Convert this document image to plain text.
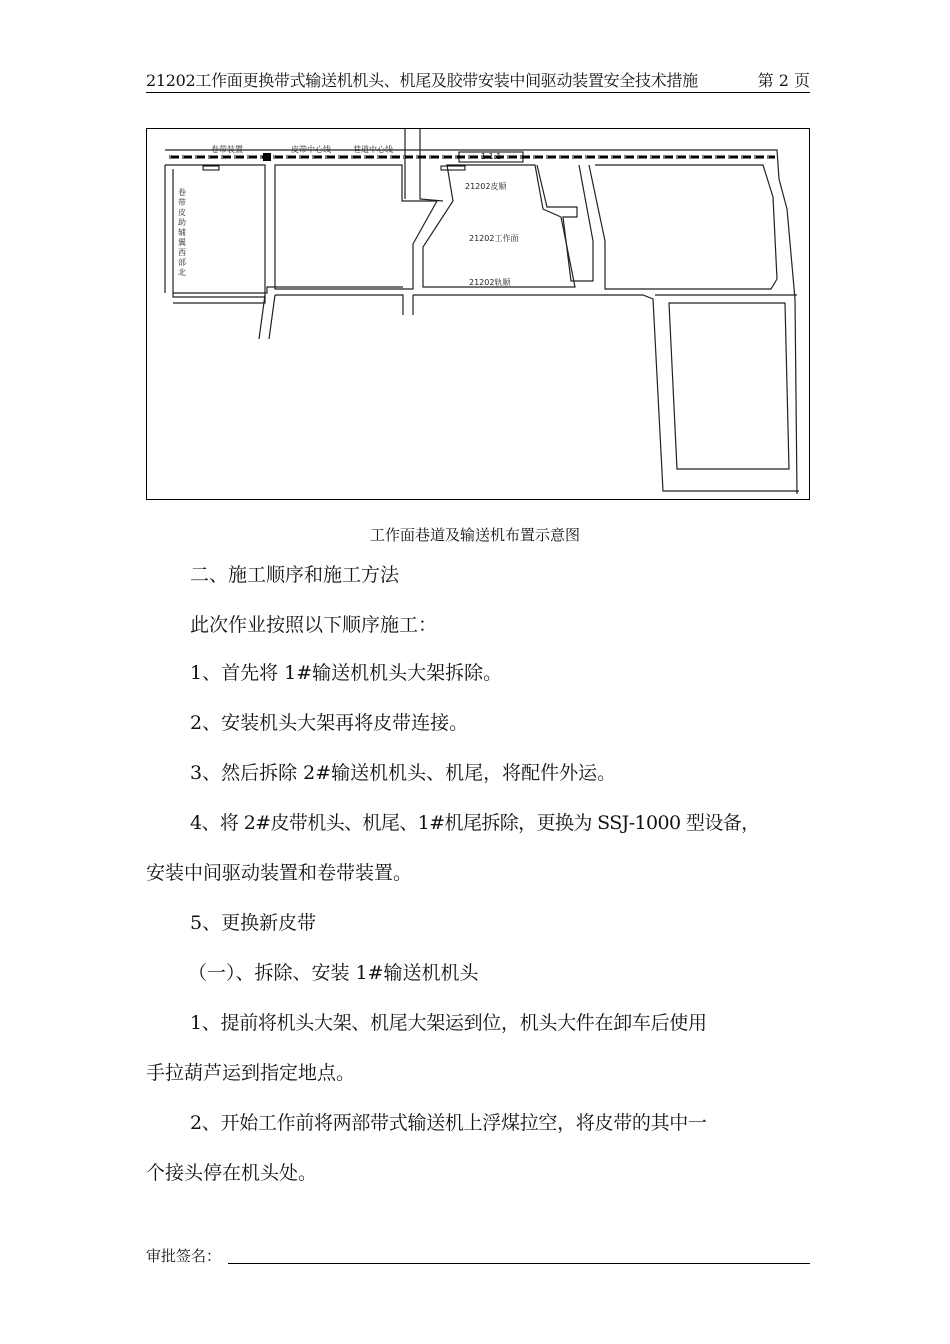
21202工作面更换带式输送机机头、机尾及胶带安装中间驱动装置安全技术措施	第 2 页
卷带装置	皮带中心线	巷道中心线
1.1.1
21202皮顺
21202工作面
21202轨顺
卷
带
皮
助
辅
翼
西
部
北
工作面巷道及输送机布置示意图
二、施工顺序和施工方法
此次作业按照以下顺序施工：
1、首先将 1#输送机机头大架拆除。
2、安装机头大架再将皮带连接。
3、然后拆除 2#输送机机头、机尾，将配件外运。
4、将 2#皮带机头、机尾、1#机尾拆除，更换为 SSJ-1000 型设备，
安装中间驱动装置和卷带装置。
5、更换新皮带
（一）、拆除、安装 1#输送机机头
1、提前将机头大架、机尾大架运到位，机头大件在卸车后使用
手拉葫芦运到指定地点。
2、开始工作前将两部带式输送机上浮煤拉空，将皮带的其中一
个接头停在机头处。
审批签名：
